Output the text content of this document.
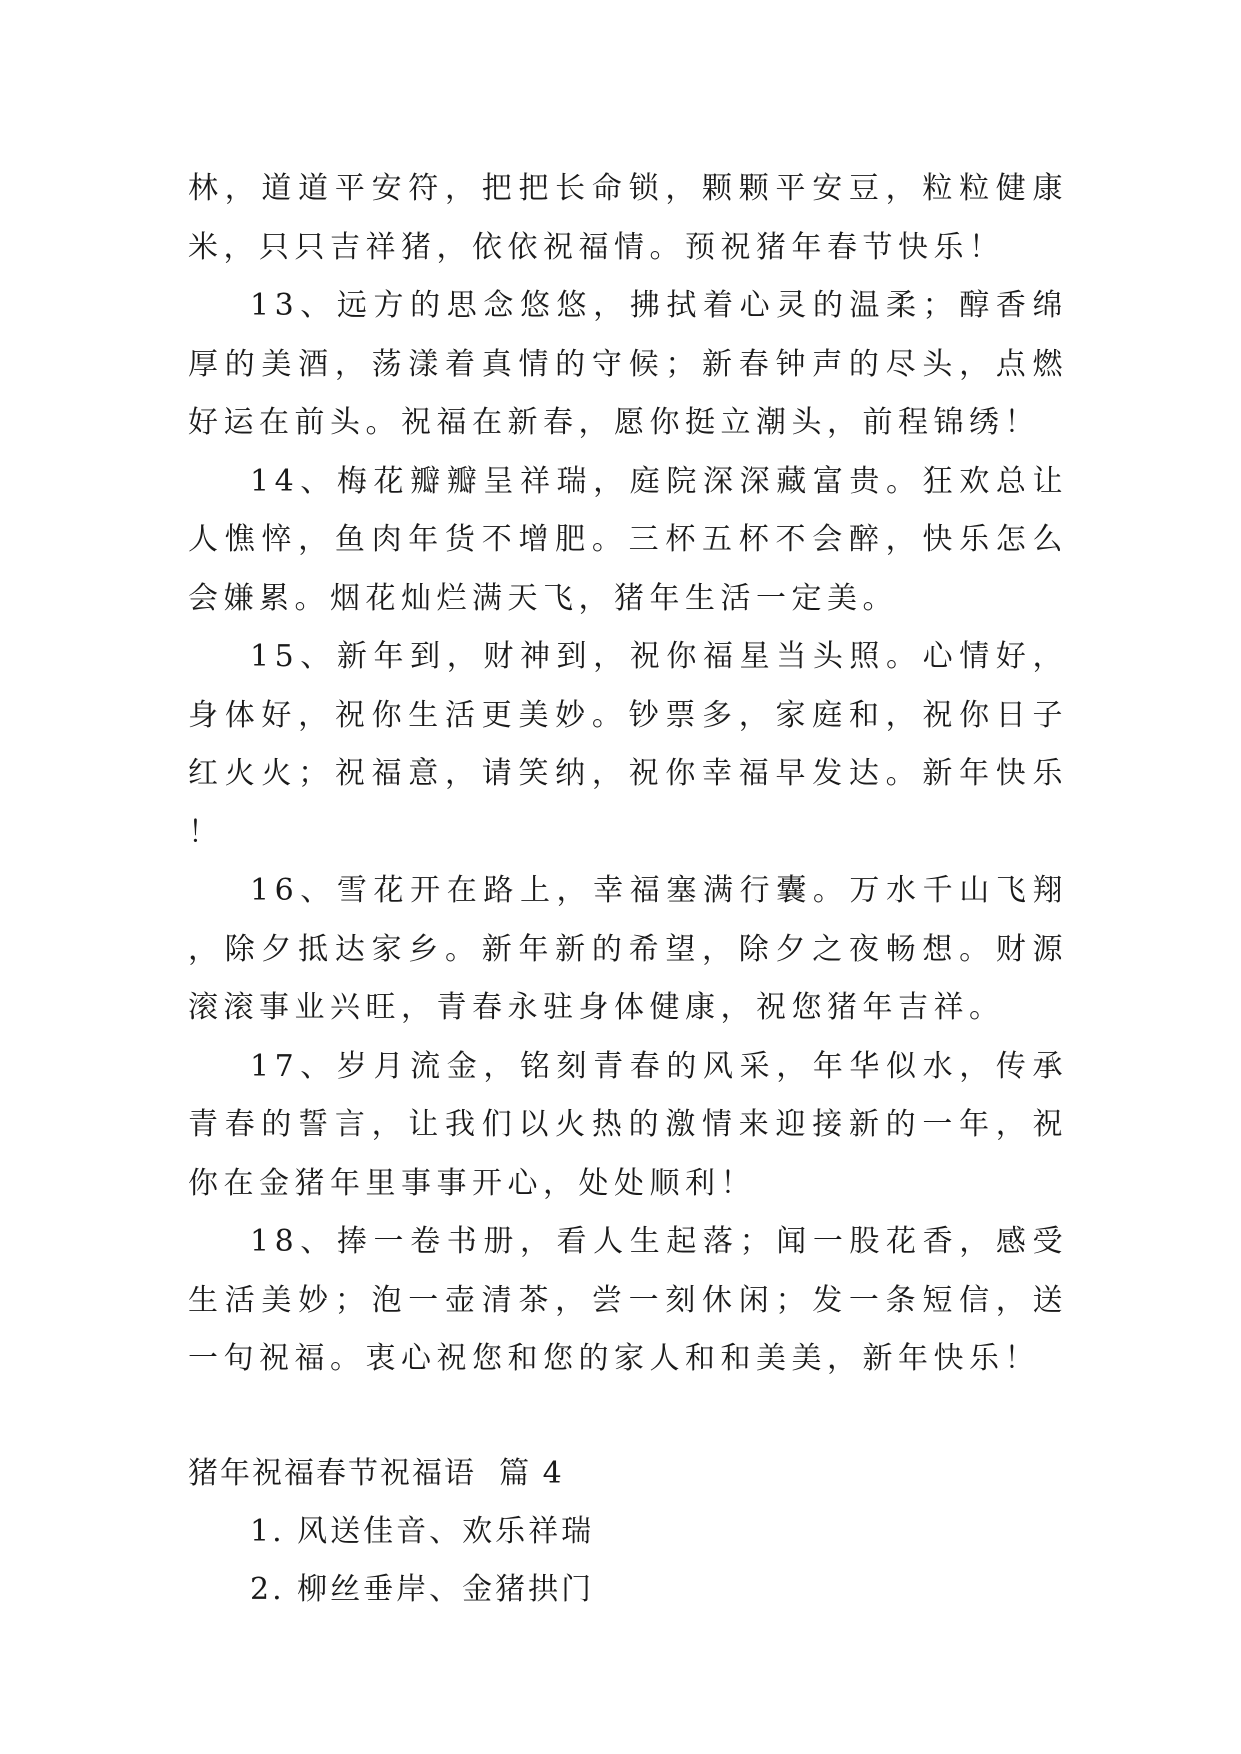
林，道道平安符，把把长命锁，颗颗平安豆，粒粒健康米，只只吉祥猪，依依祝福情。预祝猪年春节快乐！

13、远方的思念悠悠，拂拭着心灵的温柔；醇香绵厚的美酒，荡漾着真情的守候；新春钟声的尽头，点燃好运在前头。祝福在新春，愿你挺立潮头，前程锦绣！

14、梅花瓣瓣呈祥瑞，庭院深深藏富贵。狂欢总让人憔悴，鱼肉年货不增肥。三杯五杯不会醉，快乐怎么会嫌累。烟花灿烂满天飞，猪年生活一定美。

15、新年到，财神到，祝你福星当头照。心情好，身体好，祝你生活更美妙。钞票多，家庭和，祝你日子红火火；祝福意，请笑纳，祝你幸福早发达。新年快乐！

16、雪花开在路上，幸福塞满行囊。万水千山飞翔，除夕抵达家乡。新年新的希望，除夕之夜畅想。财源滚滚事业兴旺，青春永驻身体健康，祝您猪年吉祥。

17、岁月流金，铭刻青春的风采，年华似水，传承青春的誓言，让我们以火热的激情来迎接新的一年，祝你在金猪年里事事开心，处处顺利！

18、捧一卷书册，看人生起落；闻一股花香，感受生活美妙；泡一壶清茶，尝一刻休闲；发一条短信，送一句祝福。衷心祝您和您的家人和和美美，新年快乐！

猪年祝福春节祝福语  篇 4

1. 风送佳音、欢乐祥瑞

2. 柳丝垂岸、金猪拱门
